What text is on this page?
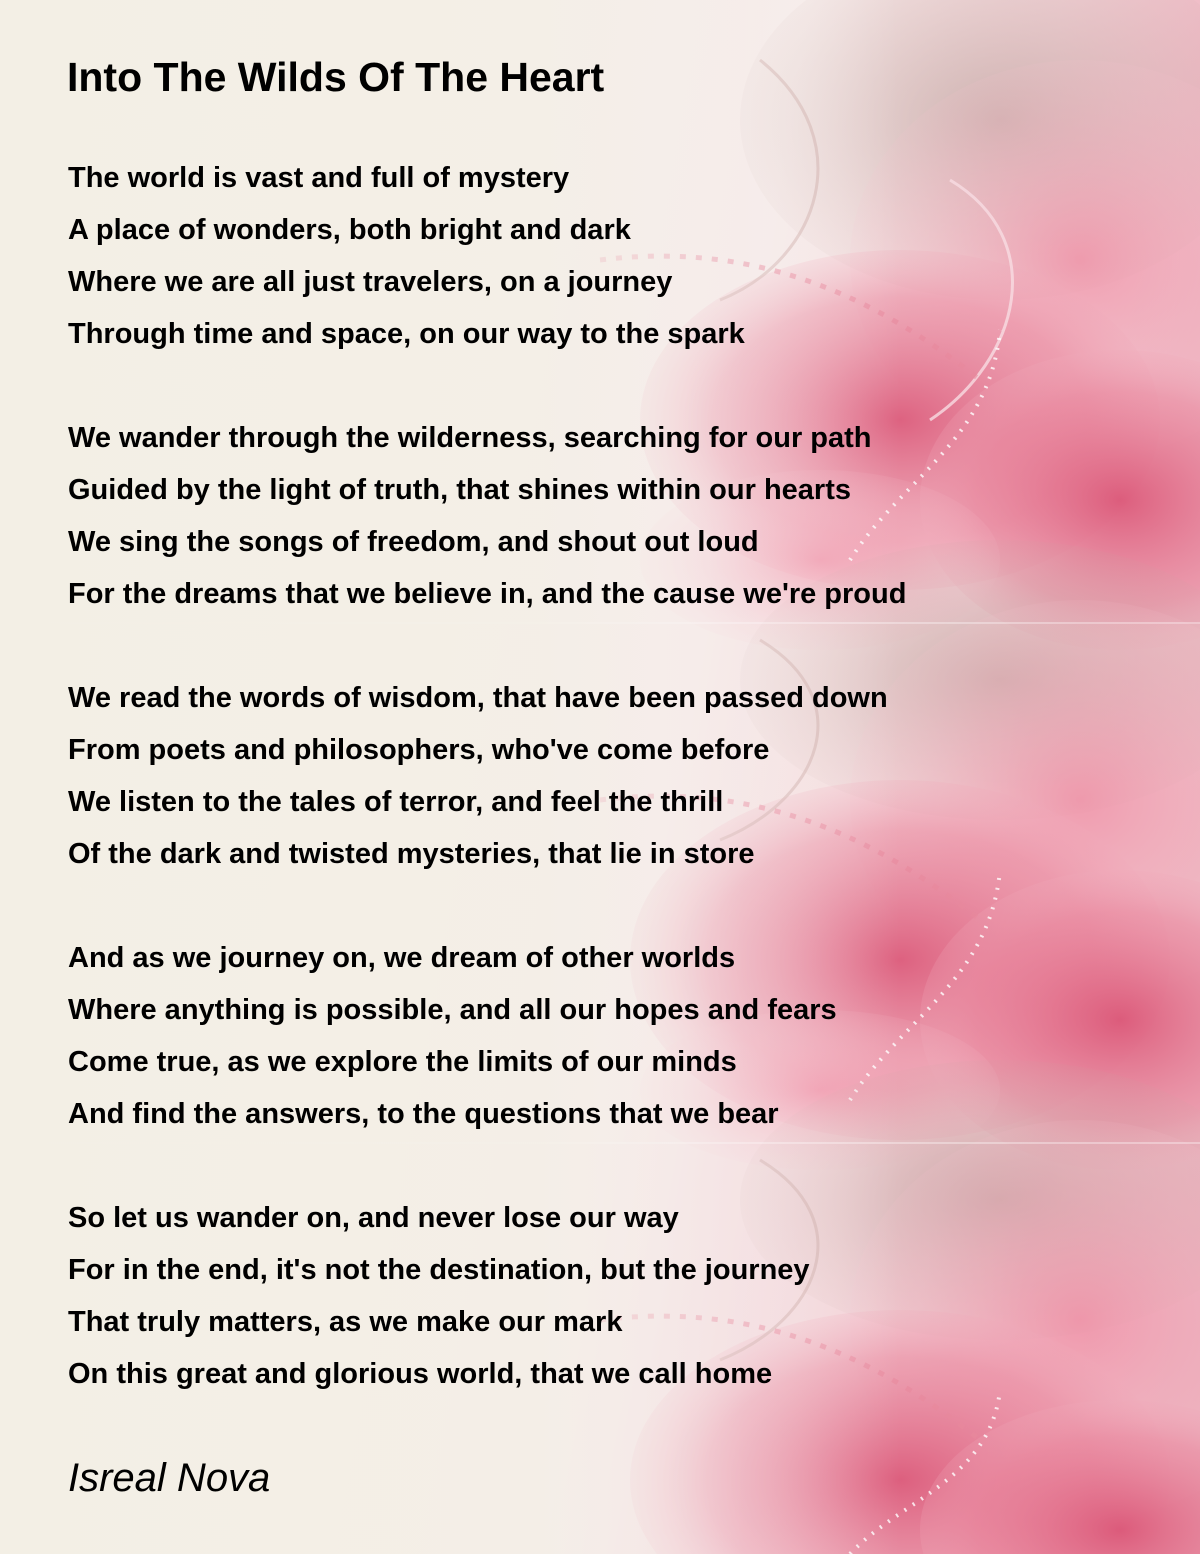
Into The Wilds Of The Heart
The world is vast and full of mystery
A place of wonders, both bright and dark
Where we are all just travelers, on a journey
Through time and space, on our way to the spark
We wander through the wilderness, searching for our path
Guided by the light of truth, that shines within our hearts
We sing the songs of freedom, and shout out loud
For the dreams that we believe in, and the cause we're proud
We read the words of wisdom, that have been passed down
From poets and philosophers, who've come before
We listen to the tales of terror, and feel the thrill
Of the dark and twisted mysteries, that lie in store
And as we journey on, we dream of other worlds
Where anything is possible, and all our hopes and fears
Come true, as we explore the limits of our minds
And find the answers, to the questions that we bear
So let us wander on, and never lose our way
For in the end, it's not the destination, but the journey
That truly matters, as we make our mark
On this great and glorious world, that we call home
Isreal Nova
